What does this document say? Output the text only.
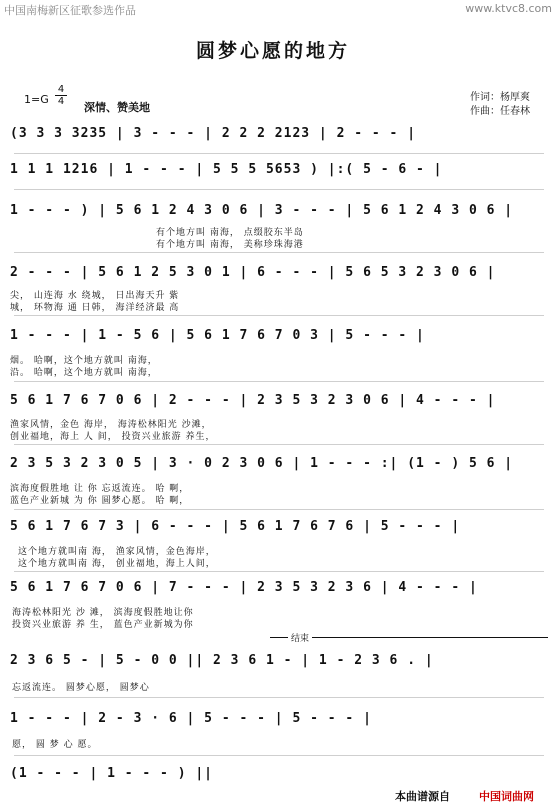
中国南梅新区征歌参选作品	www.ktvc8.com
圆梦心愿的地方
1=G
4
4 深情、赞美地
作词：杨厚爽
作曲：任春林
(3 3 3 3235 | 3 - - - | 2 2 2 2123 | 2 - - - |
1 1 1 1216 | 1 - - - | 5 5 5 5653 ) |:( 5 - 6 - |
1 - - - ) | 5 6 1 2 4 3 0 6 | 3 - - - | 5 6 1 2 4 3 0 6 |
有个地方叫 南海， 点缀胶东半岛
有个地方叫 南海， 美称珍珠海港
2 - - - | 5 6 1 2 5 3 0 1 | 6 - - - | 5 6 5 3 2 3 0 6 |
尖， 山连海 水 绕城， 日出海天升 紫
城， 环物海 通 日韩， 海洋经济最 高
1 - - - | 1 - 5 6 | 5 6 1 7 6 7 0 3 | 5 - - - |
烟。 哈啊，这个地方就叫 南海，
沿。 哈啊，这个地方就叫 南海，
5 6 1 7 6 7 0 6 | 2 - - - | 2 3 5 3 2 3 0 6 | 4 - - - |
渔家风情，金色 海岸， 海涛松林阳光 沙滩，
创业福地，海上 人 间， 投资兴业旅游 养生，
2 3 5 3 2 3 0 5 | 3 · 0 2 3 0 6 | 1 - - - :| (1 - ) 5 6 |
滨海度假胜地 让 你 忘返流连。 哈 啊，
蓝色产业新城 为 你 圆梦心愿。 哈 啊，
5 6 1 7 6 7 3 | 6 - - - | 5 6 1 7 6 7 6 | 5 - - - |
这个地方就叫南 海， 渔家风情，金色海岸，
这个地方就叫南 海， 创业福地，海上人间，
5 6 1 7 6 7 0 6 | 7 - - - | 2 3 5 3 2 3 6 | 4 - - - |
海涛松林阳光 沙 滩， 滨海度假胜地让你
投资兴业旅游 养 生， 蓝色产业新城为你
结束
2 3 6 5 - | 5 - 0 0 || 2 3 6 1 - | 1 - 2 3 6 . |
忘返流连。 圆梦心愿， 圆梦心
1 - - - | 2 - 3 · 6 | 5 - - - | 5 - - - |
愿， 圆 梦 心 愿。
(1 - - - | 1 - - - ) ||
本曲谱源自	中国词曲网
